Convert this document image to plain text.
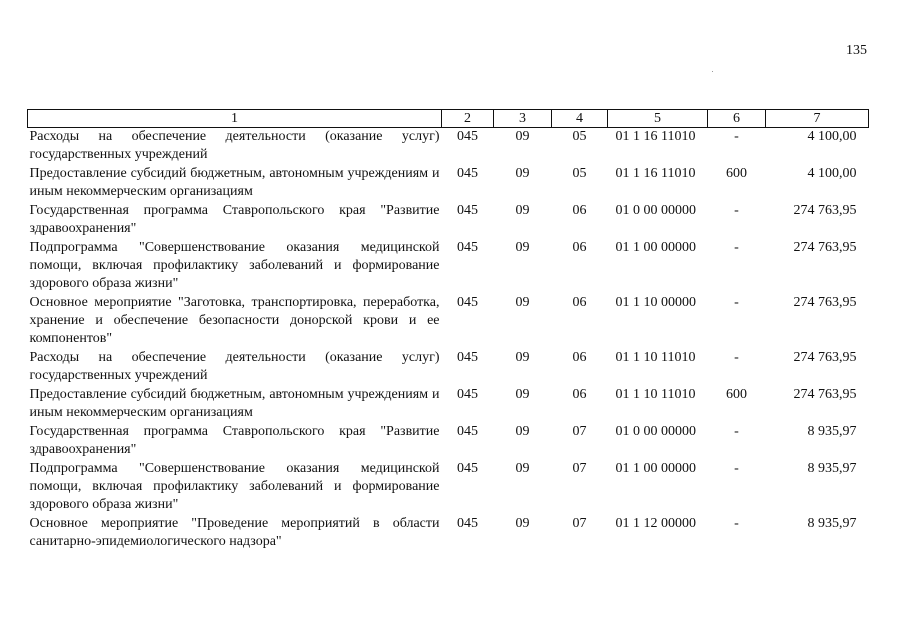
135
1	2	3	4	5	6	7
Расходы на обеспечение деятельности (оказание услуг) государственных учреждений	045	09	05	01 1 16 11010	-	4 100,00
Предоставление субсидий бюджетным, автономным учреждениям и иным некоммерческим организациям	045	09	05	01 1 16 11010	600	4 100,00
Государственная программа Ставропольского края "Развитие здравоохранения"	045	09	06	01 0 00 00000	-	274 763,95
Подпрограмма "Совершенствование оказания медицинской помощи, включая профилактику заболеваний и формирование здорового образа жизни"	045	09	06	01 1 00 00000	-	274 763,95
Основное мероприятие "Заготовка, транспортировка, переработка, хранение и обеспечение безопасности донорской крови и ее компонентов"	045	09	06	01 1 10 00000	-	274 763,95
Расходы на обеспечение деятельности (оказание услуг) государственных учреждений	045	09	06	01 1 10 11010	-	274 763,95
Предоставление субсидий бюджетным, автономным учреждениям и иным некоммерческим организациям	045	09	06	01 1 10 11010	600	274 763,95
Государственная программа Ставропольского края "Развитие здравоохранения"	045	09	07	01 0 00 00000	-	8 935,97
Подпрограмма "Совершенствование оказания медицинской помощи, включая профилактику заболеваний и формирование здорового образа жизни"	045	09	07	01 1 00 00000	-	8 935,97
Основное мероприятие "Проведение мероприятий в области санитарно-эпидемиологического надзора"	045	09	07	01 1 12 00000	-	8 935,97
